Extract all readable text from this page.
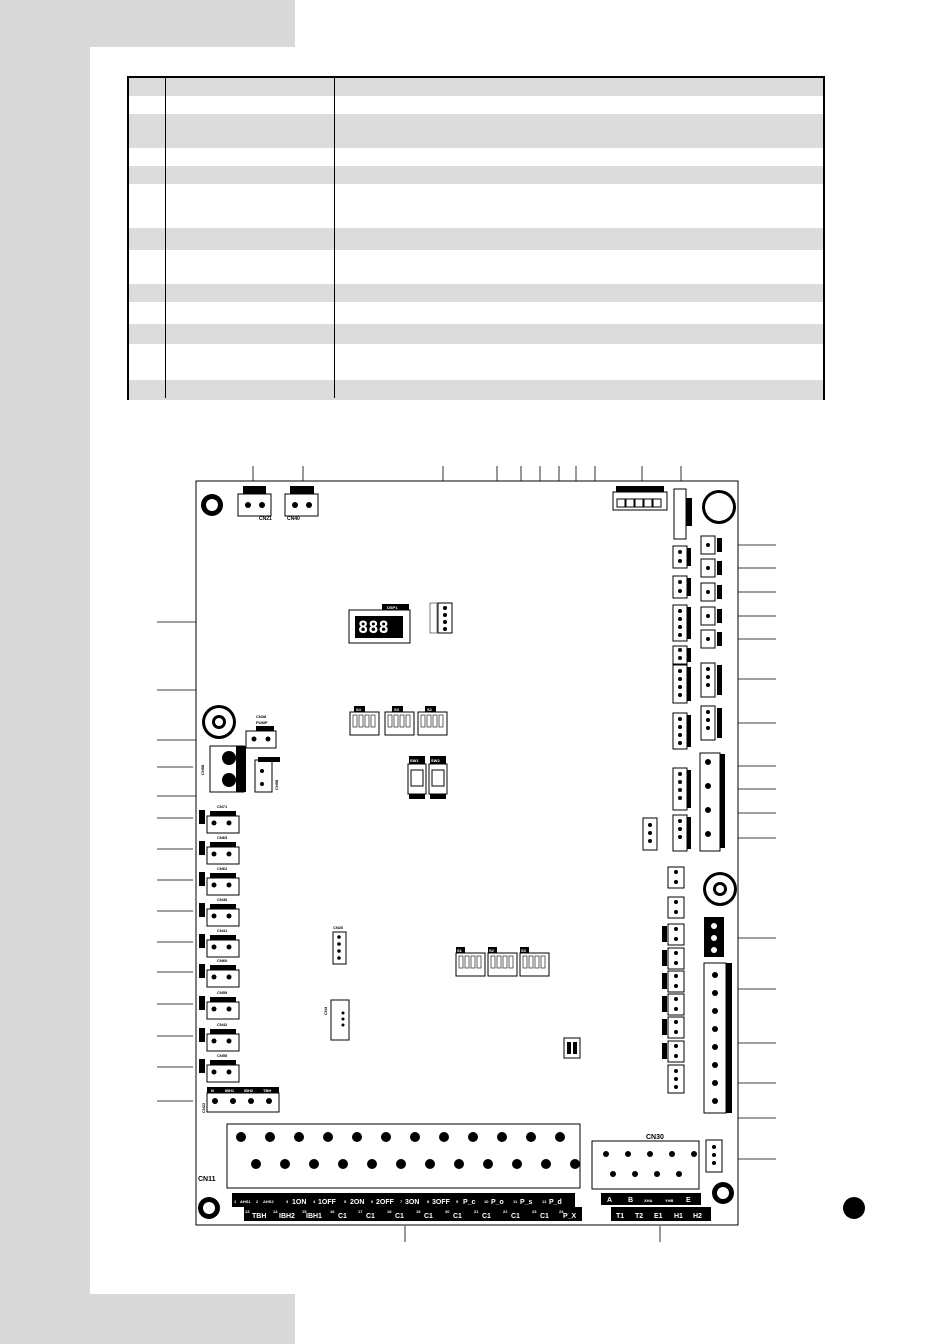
CN21	CN40
DSP1
888
S4	S3	S2
SW1	SW2
PUMP
CN38
CN98
CN58
CN71
CN65
CN62
CN40
CN41
CN60
CN59
CN42
CN55
N	IBH1 IBH2 TBH
CN22
CN26
CN4
S1	S2	S3
CN11
1 AHS1 2 AHS2	3 1ON 4 1OFF 5 2ON 6 2OFF 7 3ON 8 3OFF 9 P_c 10 P_o 11 P_s 12 P_d
13
TBH
14
IBH2
15
IBH1
16
C1
17
C1
18
C1
19
C1
20
C1
21
C1
22
C1
23
C1
24
P_X
CN30
A B	XHA	YHB E
T1 T2 E1 H1 H2
